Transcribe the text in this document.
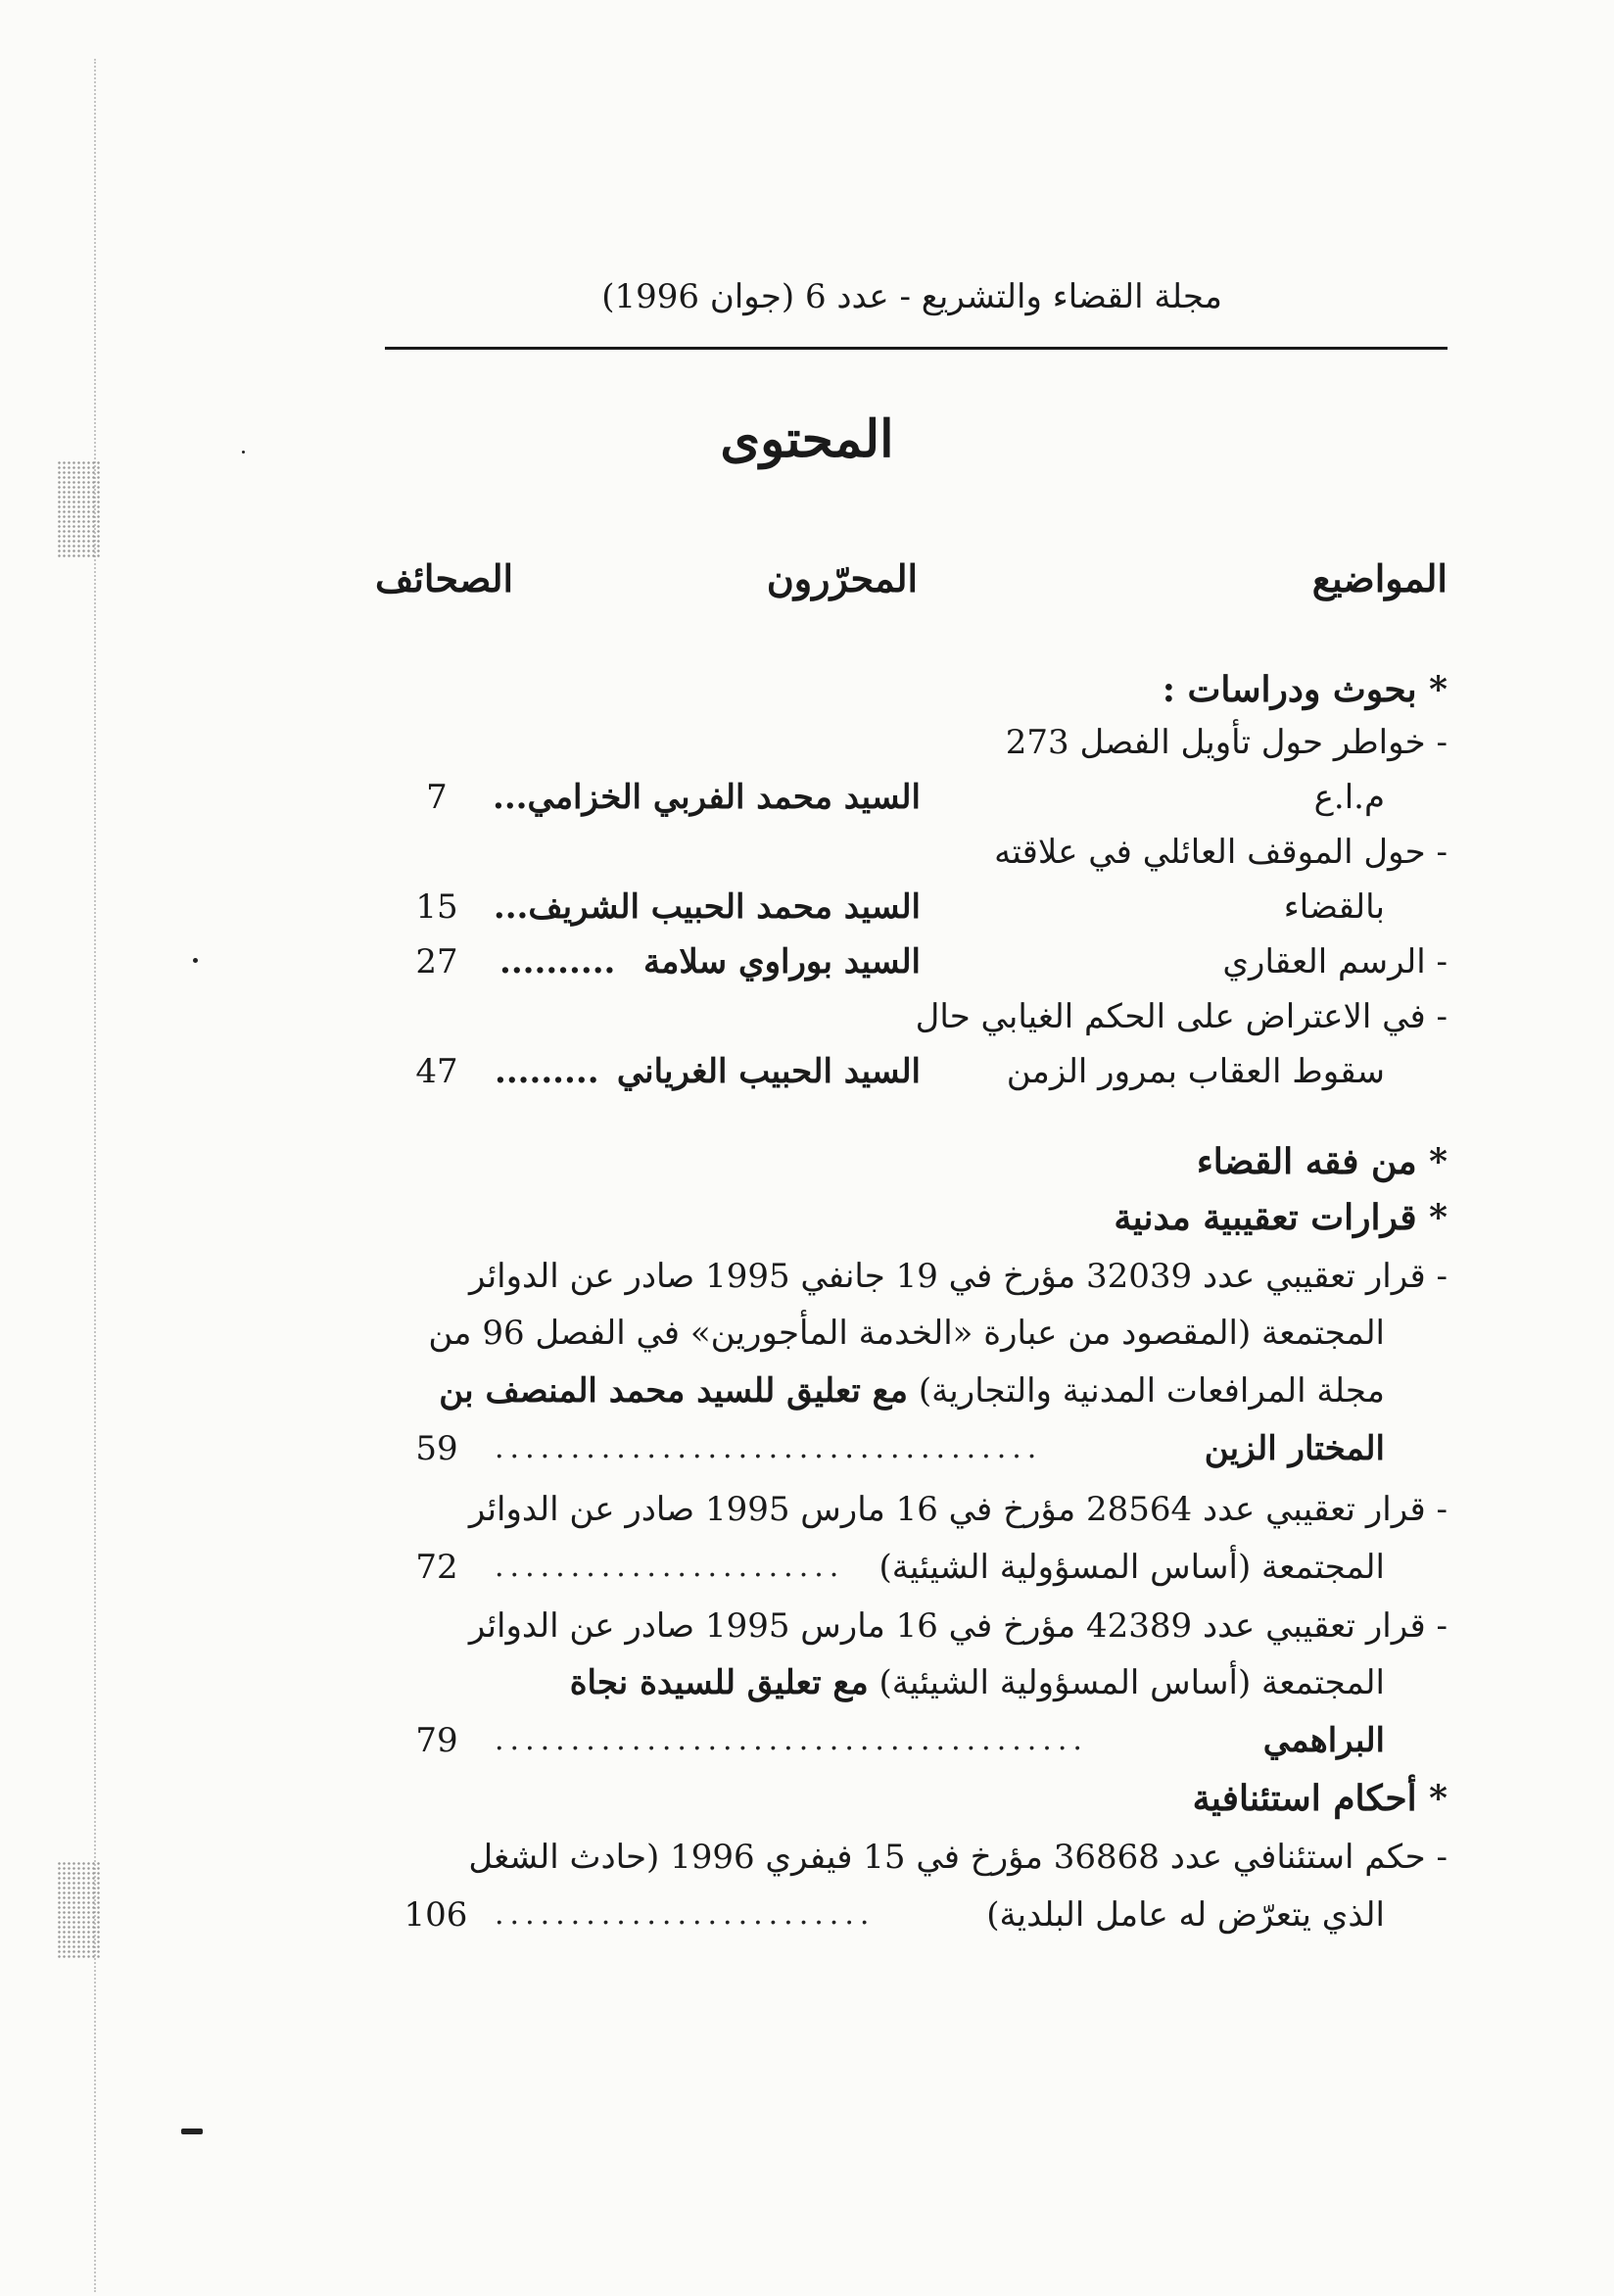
مجلة القضاء والتشريع - عدد 6 (جوان 1996)
المحتوى
المواضيع
المحرّرون
الصحائف
* بحوث ودراسات :
- خواطر حول تأويل الفصل 273
م.ا.ع
السيد محمد الفربي الخزامي...
7
- حول الموقف العائلي في علاقته
بالقضاء
السيد محمد الحبيب الشريف...
15
- الرسم العقاري
السيد بوراوي سلامة
..........
27
- في الاعتراض على الحكم الغيابي حال
سقوط العقاب بمرور الزمن
السيد الحبيب الغرياني
.........
47
* من فقه القضاء
* قرارات تعقيبية مدنية
- قرار تعقيبي عدد 32039 مؤرخ في 19 جانفي 1995 صادر عن الدوائر
المجتمعة (المقصود من عبارة «الخدمة المأجورين» في الفصل 96 من
مجلة المرافعات المدنية والتجارية) مع تعليق للسيد محمد المنصف بن
المختار الزين
....................................
59
- قرار تعقيبي عدد 28564 مؤرخ في 16 مارس 1995 صادر عن الدوائر
المجتمعة (أساس المسؤولية الشيئية)
.......................
72
- قرار تعقيبي عدد 42389 مؤرخ في 16 مارس 1995 صادر عن الدوائر
المجتمعة (أساس المسؤولية الشيئية) مع تعليق للسيدة نجاة
البراهمي
.......................................
79
* أحكام استئنافية
- حكم استئنافي عدد 36868 مؤرخ في 15 فيفري 1996 (حادث الشغل
الذي يتعرّض له عامل البلدية)
.........................
106
